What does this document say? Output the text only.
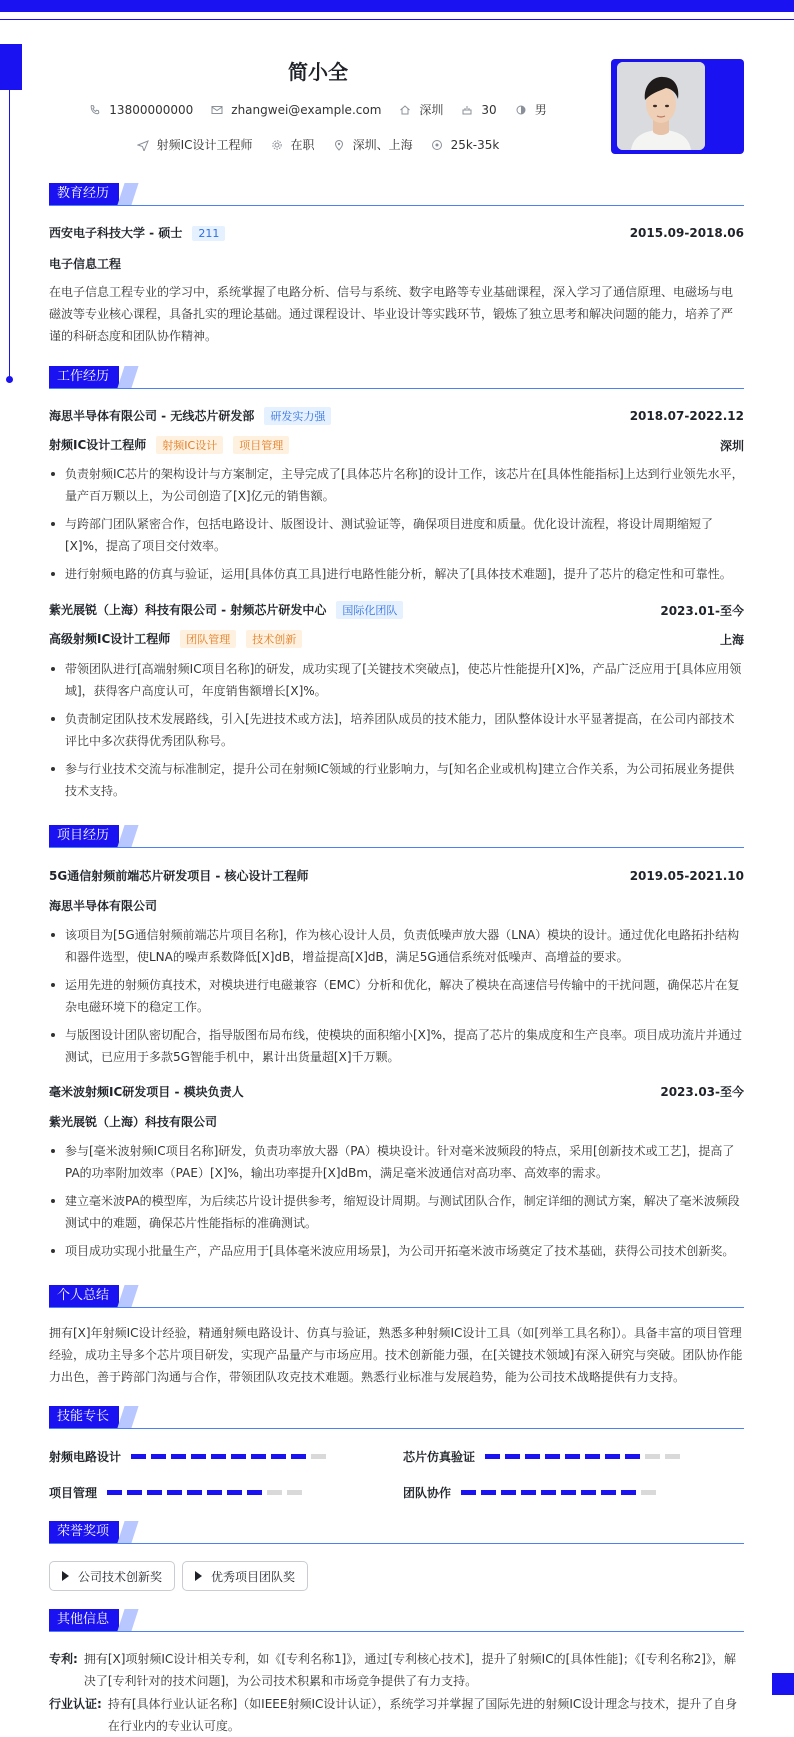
简小全
13800000000	zhangwei@example.com	深圳	30	男
射频IC设计工程师	在职	深圳、上海	25k-35k
教育经历
西安电子科技大学 - 硕士 211	2015.09-2018.06
电子信息工程
在电子信息工程专业的学习中，系统掌握了电路分析、信号与系统、数字电路等专业基础课程，深入学习了通信原理、电磁场与电磁波等专业核心课程，具备扎实的理论基础。通过课程设计、毕业设计等实践环节，锻炼了独立思考和解决问题的能力，培养了严谨的科研态度和团队协作精神。
工作经历
海思半导体有限公司 - 无线芯片研发部 研发实力强	2018.07-2022.12
射频IC设计工程师 射频IC设计 项目管理	深圳
负责射频IC芯片的架构设计与方案制定，主导完成了[具体芯片名称]的设计工作，该芯片在[具体性能指标]上达到行业领先水平，量产百万颗以上，为公司创造了[X]亿元的销售额。
与跨部门团队紧密合作，包括电路设计、版图设计、测试验证等，确保项目进度和质量。优化设计流程，将设计周期缩短了[X]%，提高了项目交付效率。
进行射频电路的仿真与验证，运用[具体仿真工具]进行电路性能分析，解决了[具体技术难题]，提升了芯片的稳定性和可靠性。
紫光展锐（上海）科技有限公司 - 射频芯片研发中心 国际化团队	2023.01-至今
高级射频IC设计工程师 团队管理 技术创新	上海
带领团队进行[高端射频IC项目名称]的研发，成功实现了[关键技术突破点]，使芯片性能提升[X]%，产品广泛应用于[具体应用领域]，获得客户高度认可，年度销售额增长[X]%。
负责制定团队技术发展路线，引入[先进技术或方法]，培养团队成员的技术能力，团队整体设计水平显著提高，在公司内部技术评比中多次获得优秀团队称号。
参与行业技术交流与标准制定，提升公司在射频IC领域的行业影响力，与[知名企业或机构]建立合作关系，为公司拓展业务提供技术支持。
项目经历
5G通信射频前端芯片研发项目 - 核心设计工程师	2019.05-2021.10
海思半导体有限公司
该项目为[5G通信射频前端芯片项目名称]，作为核心设计人员，负责低噪声放大器（LNA）模块的设计。通过优化电路拓扑结构和器件选型，使LNA的噪声系数降低[X]dB，增益提高[X]dB，满足5G通信系统对低噪声、高增益的要求。
运用先进的射频仿真技术，对模块进行电磁兼容（EMC）分析和优化，解决了模块在高速信号传输中的干扰问题，确保芯片在复杂电磁环境下的稳定工作。
与版图设计团队密切配合，指导版图布局布线，使模块的面积缩小[X]%，提高了芯片的集成度和生产良率。项目成功流片并通过测试，已应用于多款5G智能手机中，累计出货量超[X]千万颗。
毫米波射频IC研发项目 - 模块负责人	2023.03-至今
紫光展锐（上海）科技有限公司
参与[毫米波射频IC项目名称]研发，负责功率放大器（PA）模块设计。针对毫米波频段的特点，采用[创新技术或工艺]，提高了PA的功率附加效率（PAE）[X]%，输出功率提升[X]dBm，满足毫米波通信对高功率、高效率的需求。
建立毫米波PA的模型库，为后续芯片设计提供参考，缩短设计周期。与测试团队合作，制定详细的测试方案，解决了毫米波频段测试中的难题，确保芯片性能指标的准确测试。
项目成功实现小批量生产，产品应用于[具体毫米波应用场景]，为公司开拓毫米波市场奠定了技术基础，获得公司技术创新奖。
个人总结
拥有[X]年射频IC设计经验，精通射频电路设计、仿真与验证，熟悉多种射频IC设计工具（如[列举工具名称]）。具备丰富的项目管理经验，成功主导多个芯片项目研发，实现产品量产与市场应用。技术创新能力强，在[关键技术领域]有深入研究与突破。团队协作能力出色，善于跨部门沟通与合作，带领团队攻克技术难题。熟悉行业标准与发展趋势，能为公司技术战略提供有力支持。
技能专长
射频电路设计	芯片仿真验证
项目管理	团队协作
荣誉奖项
公司技术创新奖	优秀项目团队奖
其他信息
专利: 拥有[X]项射频IC设计相关专利，如《[专利名称1]》，通过[专利核心技术]，提升了射频IC的[具体性能]；《[专利名称2]》，解决了[专利针对的技术问题]，为公司技术积累和市场竞争提供了有力支持。
行业认证: 持有[具体行业认证名称]（如IEEE射频IC设计认证），系统学习并掌握了国际先进的射频IC设计理念与技术，提升了自身在行业内的专业认可度。
